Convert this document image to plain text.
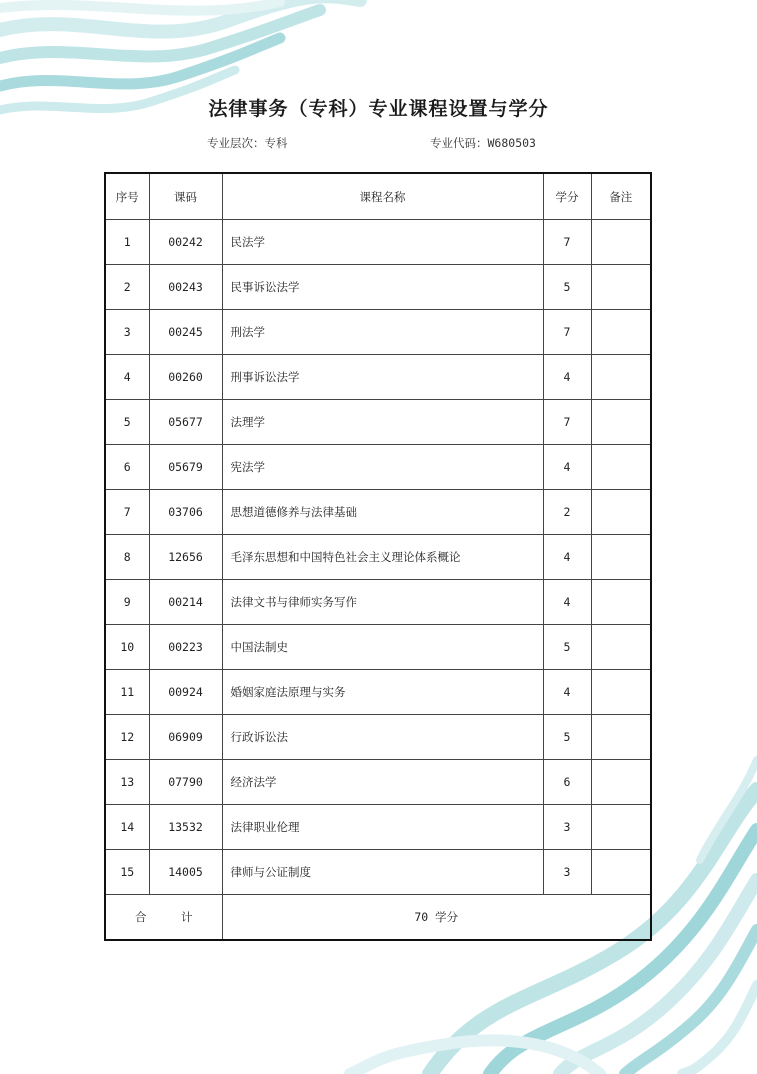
法律事务（专科）专业课程设置与学分
专业层次：专科	专业代码：W680503
序号	课码	课程名称	学分	备注
1	00242	民法学	7	
2	00243	民事诉讼法学	5	
3	00245	刑法学	7	
4	00260	刑事诉讼法学	4	
5	05677	法理学	7	
6	05679	宪法学	4	
7	03706	思想道德修养与法律基础	2	
8	12656	毛泽东思想和中国特色社会主义理论体系概论	4	
9	00214	法律文书与律师实务写作	4	
10	00223	中国法制史	5	
11	00924	婚姻家庭法原理与实务	4	
12	06909	行政诉讼法	5	
13	07790	经济法学	6	
14	13532	法律职业伦理	3	
15	14005	律师与公证制度	3	
合 计		70 学分		
